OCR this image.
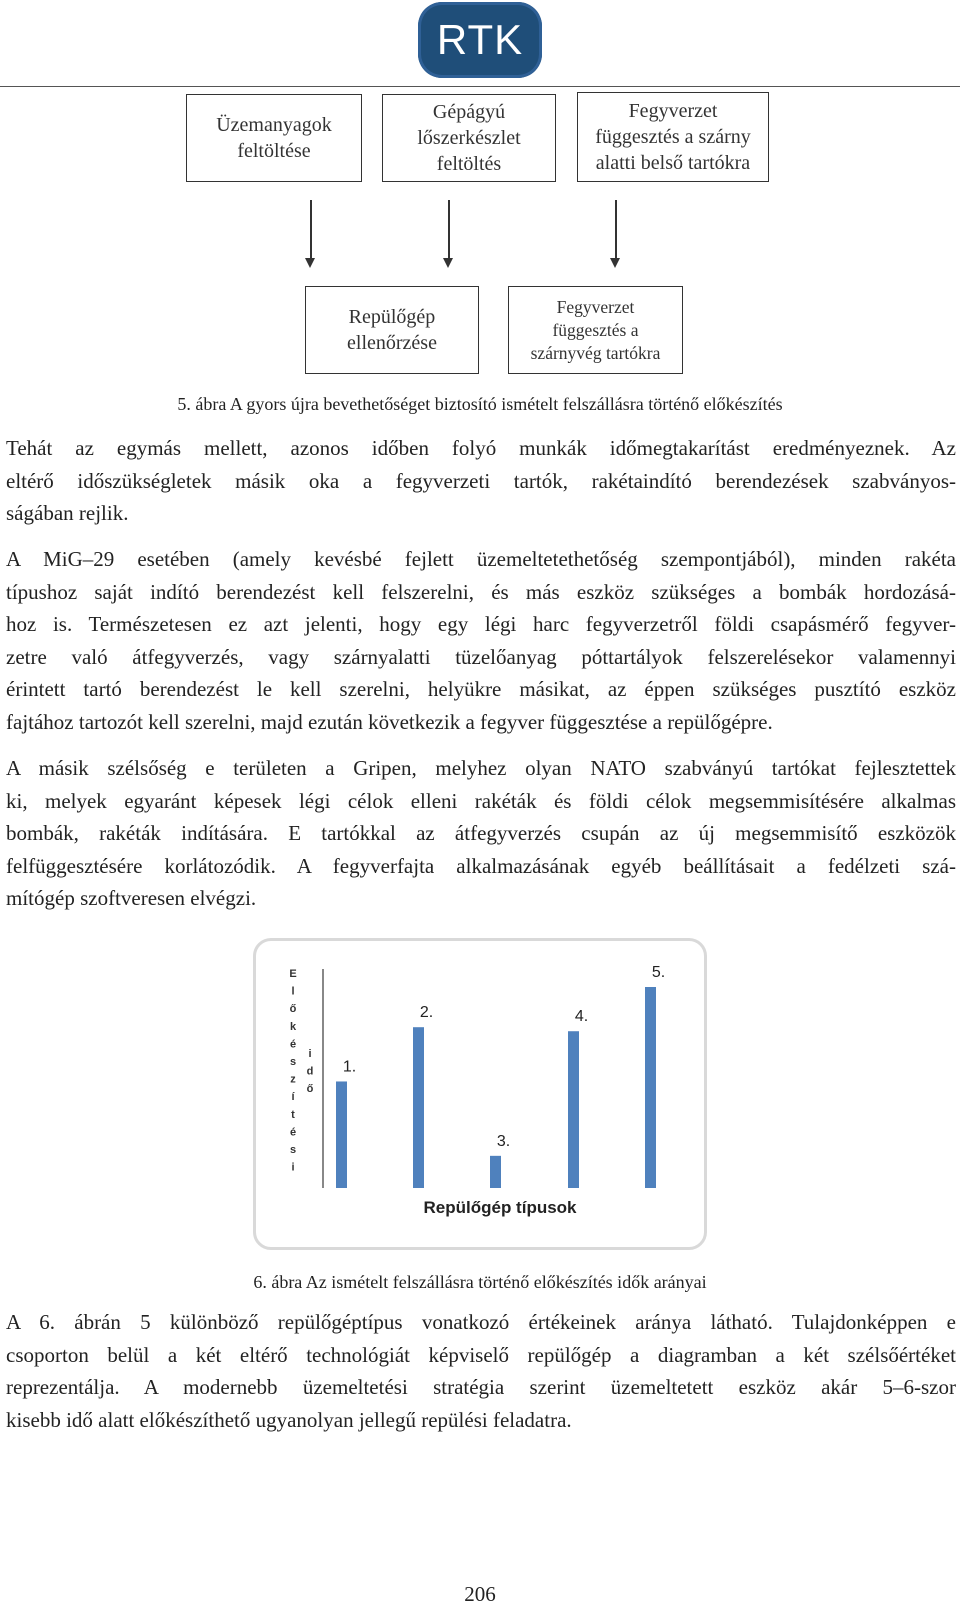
RTK
Üzemanyagok
feltöltése
Gépágyú
lőszerkészlet
feltöltés
Fegyverzet
függesztés a szárny
alatti belső tartókra
Repülőgép
ellenőrzése
Fegyverzet
függesztés a
szárnyvég tartókra
5. ábra A gyors újra bevethetőséget biztosító ismételt felszállásra történő előkészítés
Tehát az egymás mellett, azonos időben folyó munkák időmegtakarítást eredményeznek. Az
eltérő időszükségletek másik oka a fegyverzeti tartók, rakétaindító berendezések szabványos-
ságában rejlik.
A MiG–29 esetében (amely kevésbé fejlett üzemeltetethetőség szempontjából), minden rakéta
típushoz saját indító berendezést kell felszerelni, és más eszköz szükséges a bombák hordozásá-
hoz is. Természetesen ez azt jelenti, hogy egy légi harc fegyverzetről földi csapásmérő fegyver-
zetre való átfegyverzés, vagy szárnyalatti tüzelőanyag póttartályok felszerelésekor valamennyi
érintett tartó berendezést le kell szerelni, helyükre másikat, az éppen szükséges pusztító eszköz
fajtához tartozót kell szerelni, majd ezután következik a fegyver függesztése a repülőgépre.
A másik szélsőség e területen a Gripen, melyhez olyan NATO szabványú tartókat fejlesztettek
ki, melyek egyaránt képesek légi célok elleni rakéták és földi célok megsemmisítésére alkalmas
bombák, rakéták indítására. E tartókkal az átfegyverzés csupán az új megsemmisítő eszközök
felfüggesztésére korlátozódik. A fegyverfajta alkalmazásának egyéb beállításait a fedélzeti szá-
mítógép szoftveresen elvégzi.
1.
2.
3.
4.
5.
E
l
ő
k
é
s
z
í
t
é
s
i
i
d
ő
Repülőgép típusok
6. ábra Az ismételt felszállásra történő előkészítés idők arányai
A 6. ábrán 5 különböző repülőgéptípus vonatkozó értékeinek aránya látható. Tulajdonképpen e
csoporton belül a két eltérő technológiát képviselő repülőgép a diagramban a két szélsőértéket
reprezentálja. A modernebb üzemeltetési stratégia szerint üzemeltetett eszköz akár 5–6-szor
kisebb idő alatt előkészíthető ugyanolyan jellegű repülési feladatra.
206
